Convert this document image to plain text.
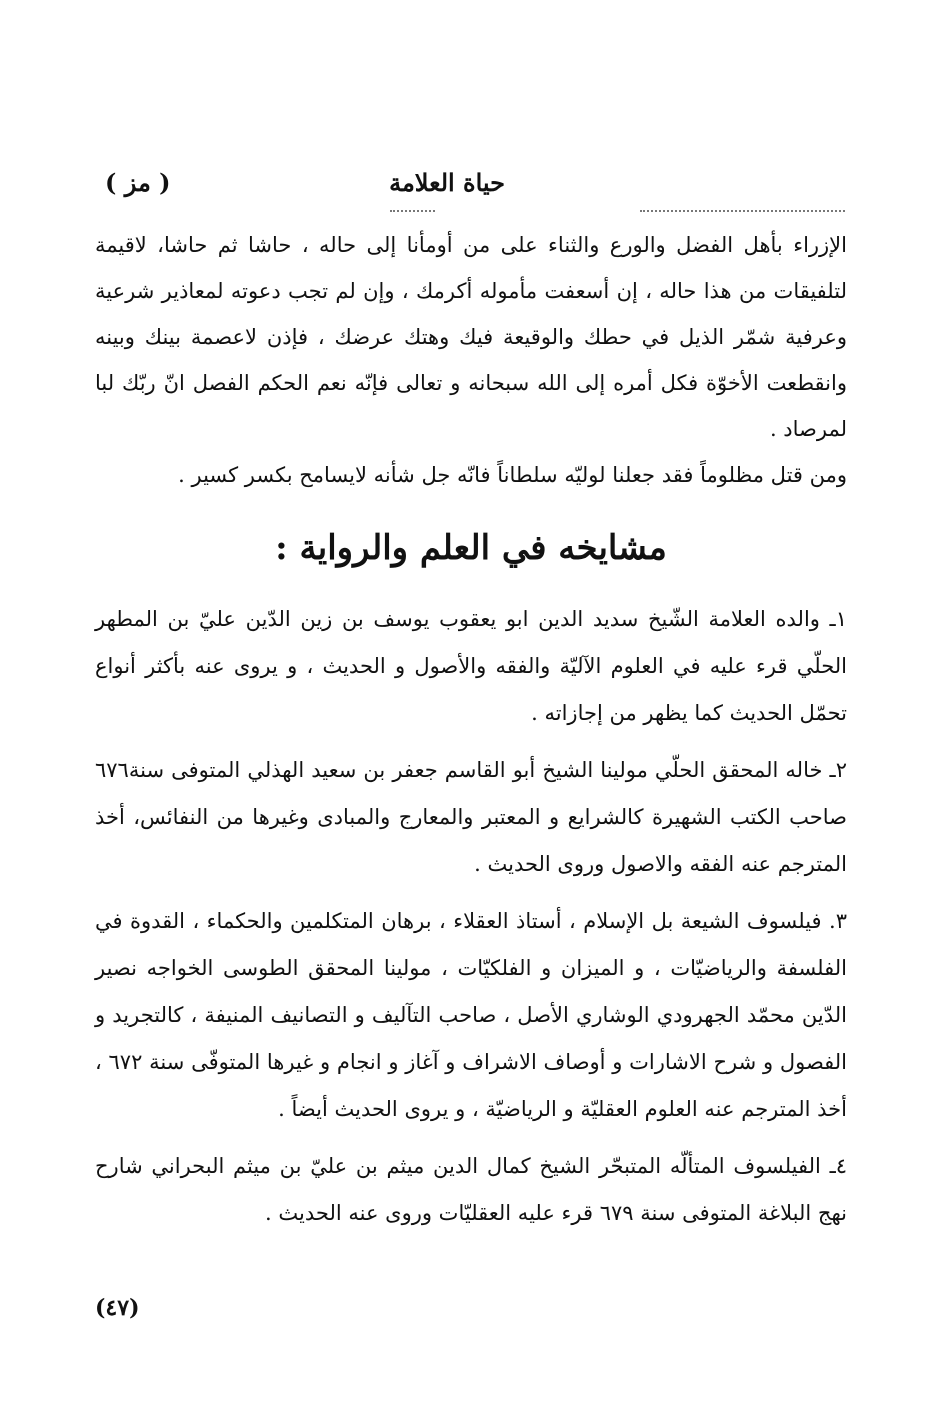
حياة العلامة
( مز )

الإزراء بأهل الفضل والورع والثناء على من أومأنا إلى حاله ، حاشا ثم حاشا، لاقيمة لتلفيقات من هذا حاله ، إن أسعفت مأموله أكرمك ، وإن لم تجب دعوته لمعاذير شرعية وعرفية شمّر الذيل في حطك والوقيعة فيك وهتك عرضك ، فإذن لاعصمة بينك وبينه وانقطعت الأخوّة فكل أمره إلى الله سبحانه و تعالى فإنّه نعم الحكم الفصل انّ ربّك لبا لمرصاد .

ومن قتل مظلوماً فقد جعلنا لوليّه سلطاناً فانّه جل شأنه لايسامح بكسر كسير .

مشايخه في العلم والرواية :

١ـ والده العلامة الشّيخ سديد الدين ابو يعقوب يوسف بن زين الدّين عليّ بن المطهر الحلّي قرء عليه في العلوم الآليّة والفقه والأصول و الحديث ، و يروى عنه بأكثر أنواع تحمّل الحديث كما يظهر من إجازاته .

٢ـ خاله المحقق الحلّي مولينا الشيخ أبو القاسم جعفر بن سعيد الهذلي المتوفى سنة٦٧٦ صاحب الكتب الشهيرة كالشرايع و المعتبر والمعارج والمبادى وغيرها من النفائس، أخذ المترجم عنه الفقه والاصول وروى الحديث .

٣. فيلسوف الشيعة بل الإسلام ، أستاذ العقلاء ، برهان المتكلمين والحكماء ، القدوة في الفلسفة والرياضيّات ، و الميزان و الفلكيّات ، مولينا المحقق الطوسى الخواجه نصير الدّين محمّد الجهرودي الوشاري الأصل ، صاحب التآليف و التصانيف المنيفة ، كالتجريد و الفصول و شرح الاشارات و أوصاف الاشراف و آغاز و انجام و غيرها المتوفّى سنة ٦٧٢ ، أخذ المترجم عنه العلوم العقليّة و الرياضيّة ، و يروى الحديث أيضاً .

٤ـ الفيلسوف المتألّه المتبحّر الشيخ كمال الدين ميثم بن عليّ بن ميثم البحراني شارح نهج البلاغة المتوفى سنة ٦٧٩ قرء عليه العقليّات وروى عنه الحديث .

(٤٧)
